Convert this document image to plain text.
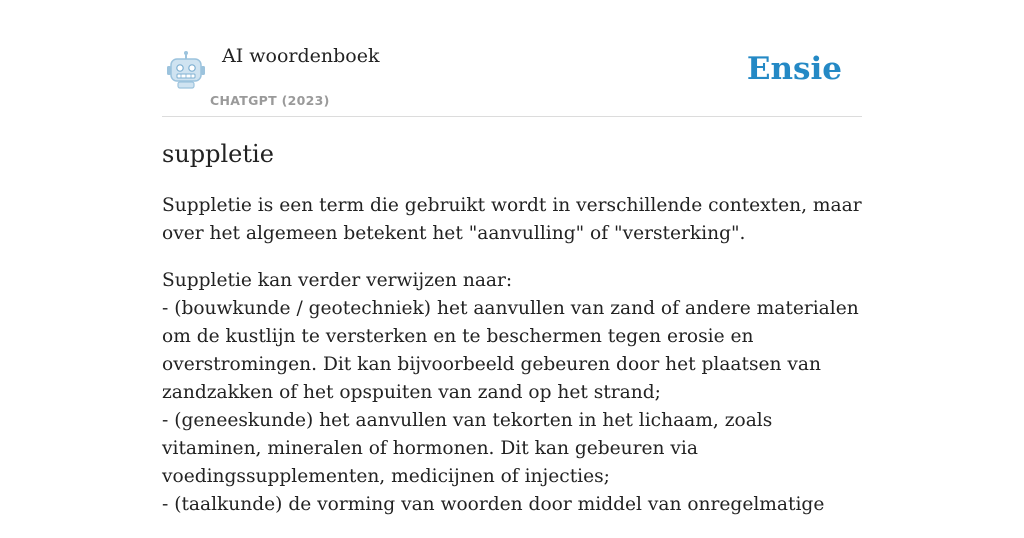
AI woordenboek
CHATGPT (2023)
Ensie
suppletie

Suppletie is een term die gebruikt wordt in verschillende contexten, maar over het algemeen betekent het "aanvulling" of "versterking".

Suppletie kan verder verwijzen naar:
- (bouwkunde / geotechniek) het aanvullen van zand of andere materialen om de kustlijn te versterken en te beschermen tegen erosie en overstromingen. Dit kan bijvoorbeeld gebeuren door het plaatsen van zandzakken of het opspuiten van zand op het strand;
- (geneeskunde) het aanvullen van tekorten in het lichaam, zoals vitaminen, mineralen of hormonen. Dit kan gebeuren via voedingssupplementen, medicijnen of injecties;
- (taalkunde) de vorming van woorden door middel van onregelmatige
